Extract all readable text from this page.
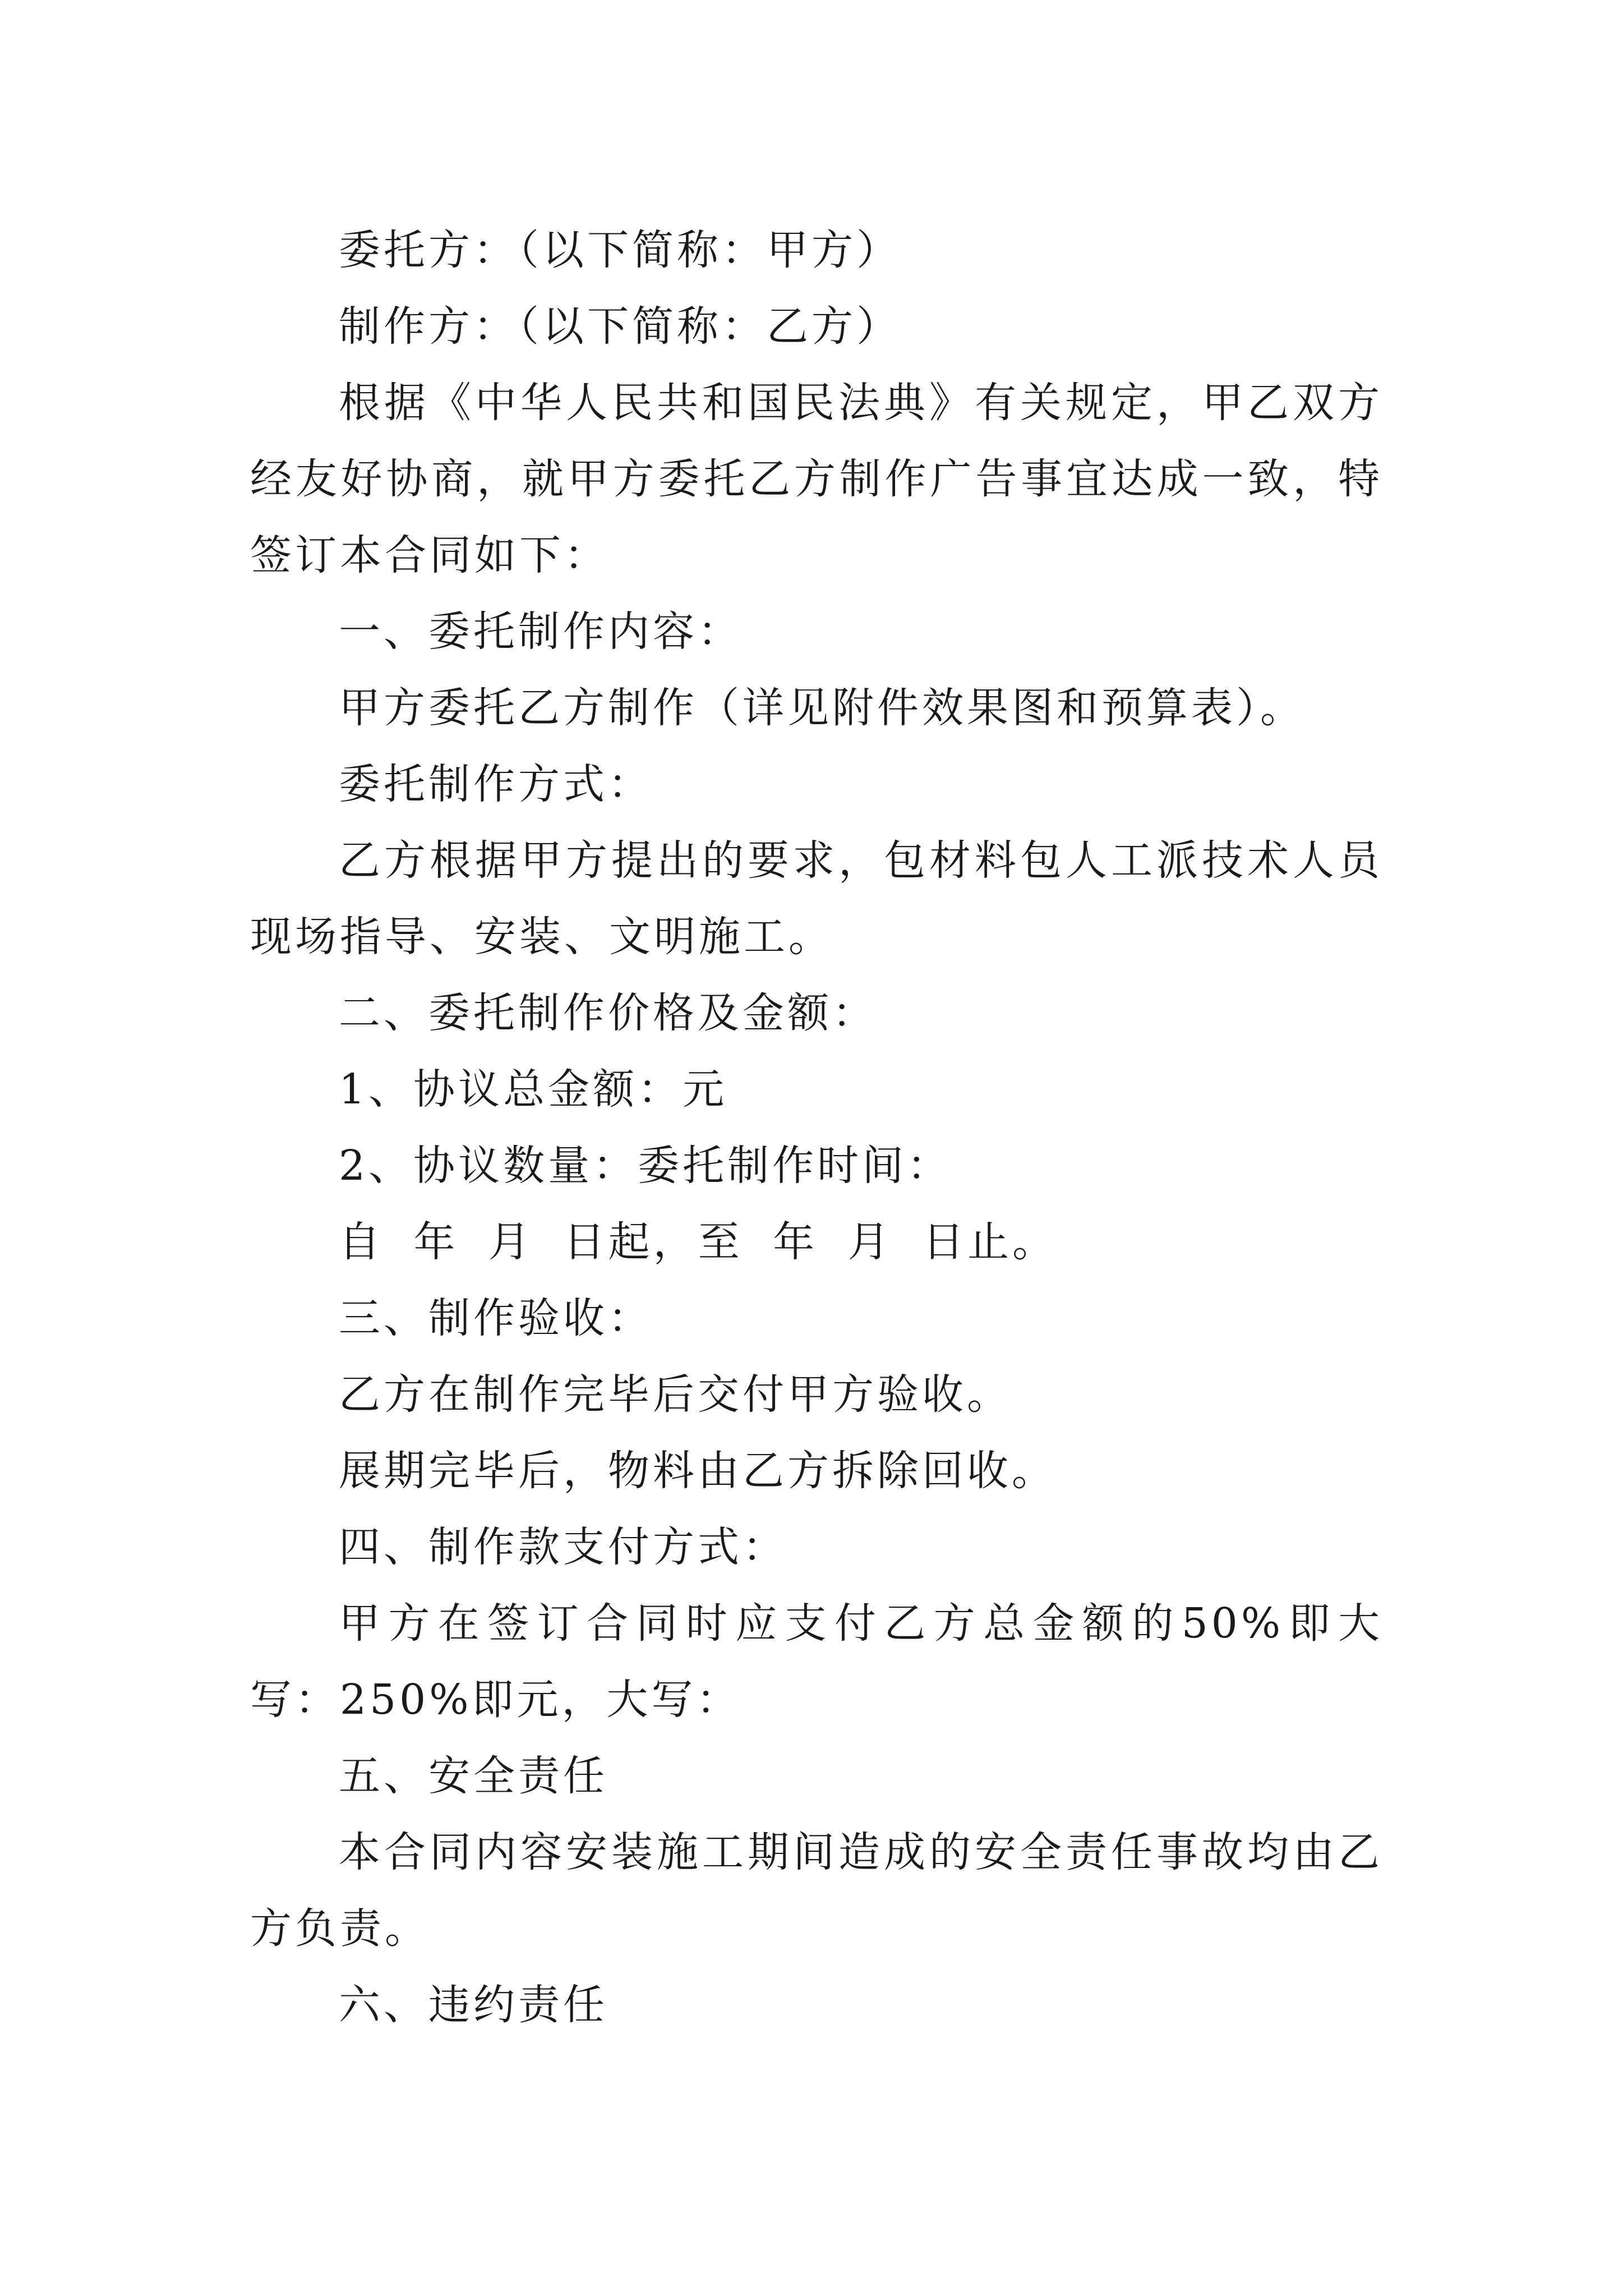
委托方：（以下简称：甲方）

制作方：（以下简称：乙方）

根据《中华人民共和国民法典》有关规定，甲乙双方经友好协商，就甲方委托乙方制作广告事宜达成一致，特签订本合同如下：

一、委托制作内容：

甲方委托乙方制作（详见附件效果图和预算表）。

委托制作方式：

乙方根据甲方提出的要求，包材料包人工派技术人员现场指导、安装、文明施工。

二、委托制作价格及金额：

1、协议总金额：元

2、协议数量：委托制作时间：

自 年 月 日起，至 年 月 日止。

三、制作验收：

乙方在制作完毕后交付甲方验收。

展期完毕后，物料由乙方拆除回收。

四、制作款支付方式：

甲方在签订合同时应支付乙方总金额的50%即大写：250%即元，大写：

五、安全责任

本合同内容安装施工期间造成的安全责任事故均由乙方负责。

六、违约责任
